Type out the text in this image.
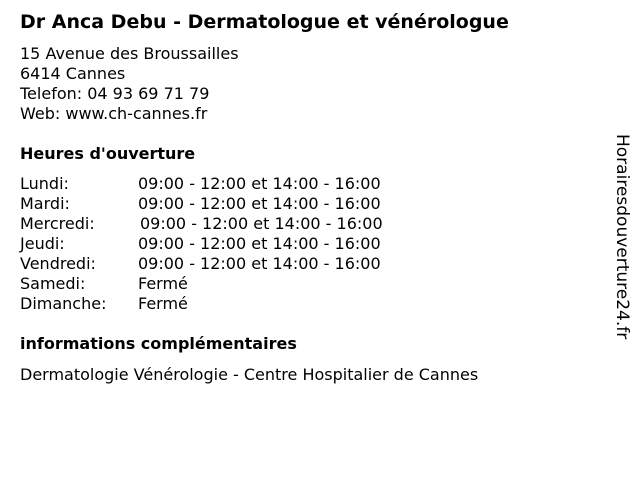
Dr Anca Debu - Dermatologue et vénérologue
15 Avenue des Broussailles
6414 Cannes
Telefon: 04 93 69 71 79
Web: www.ch-cannes.fr
Heures d'ouverture
Lundi:	09:00 - 12:00 et 14:00 - 16:00
Mardi:	09:00 - 12:00 et 14:00 - 16:00
Mercredi:	09:00 - 12:00 et 14:00 - 16:00
Jeudi:	09:00 - 12:00 et 14:00 - 16:00
Vendredi:	09:00 - 12:00 et 14:00 - 16:00
Samedi:	Fermé
Dimanche: Fermé
informations complémentaires
Dermatologie Vénérologie - Centre Hospitalier de Cannes
Horairesdouverture24.fr
